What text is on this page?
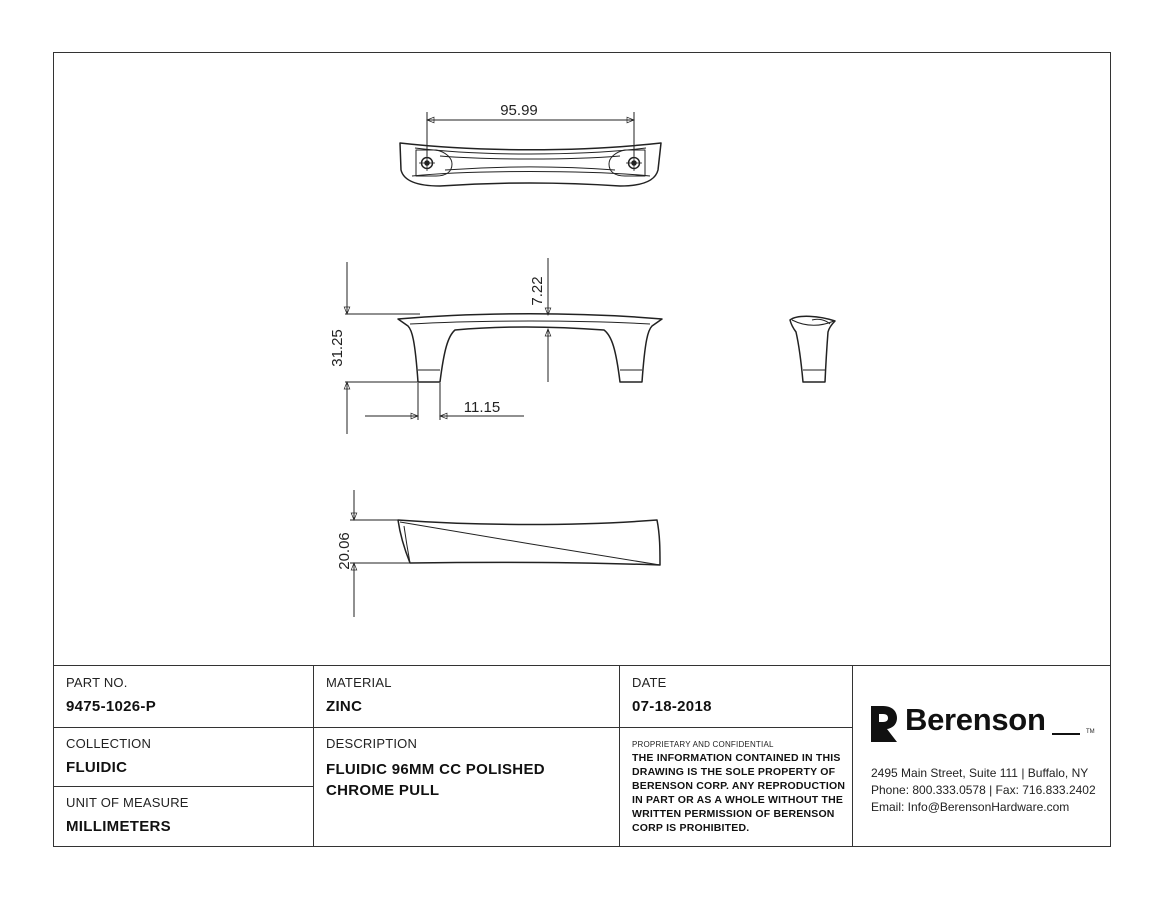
95.99
31.25
7.22
11.15
20.06
PART NO.
9475-1026-P
MATERIAL
ZINC
DATE
07-18-2018
COLLECTION
FLUIDIC
DESCRIPTION
FLUIDIC 96MM CC POLISHED CHROME PULL
UNIT OF MEASURE
MILLIMETERS
PROPRIETARY AND CONFIDENTIAL
THE INFORMATION CONTAINED IN THIS
DRAWING IS THE SOLE PROPERTY OF
BERENSON CORP. ANY REPRODUCTION
IN PART OR AS A WHOLE WITHOUT THE
WRITTEN PERMISSION OF BERENSON
CORP IS PROHIBITED.
Berenson	TM
2495 Main Street, Suite 111 | Buffalo, NY
Phone: 800.333.0578 | Fax: 716.833.2402
Email: Info@BerensonHardware.com
